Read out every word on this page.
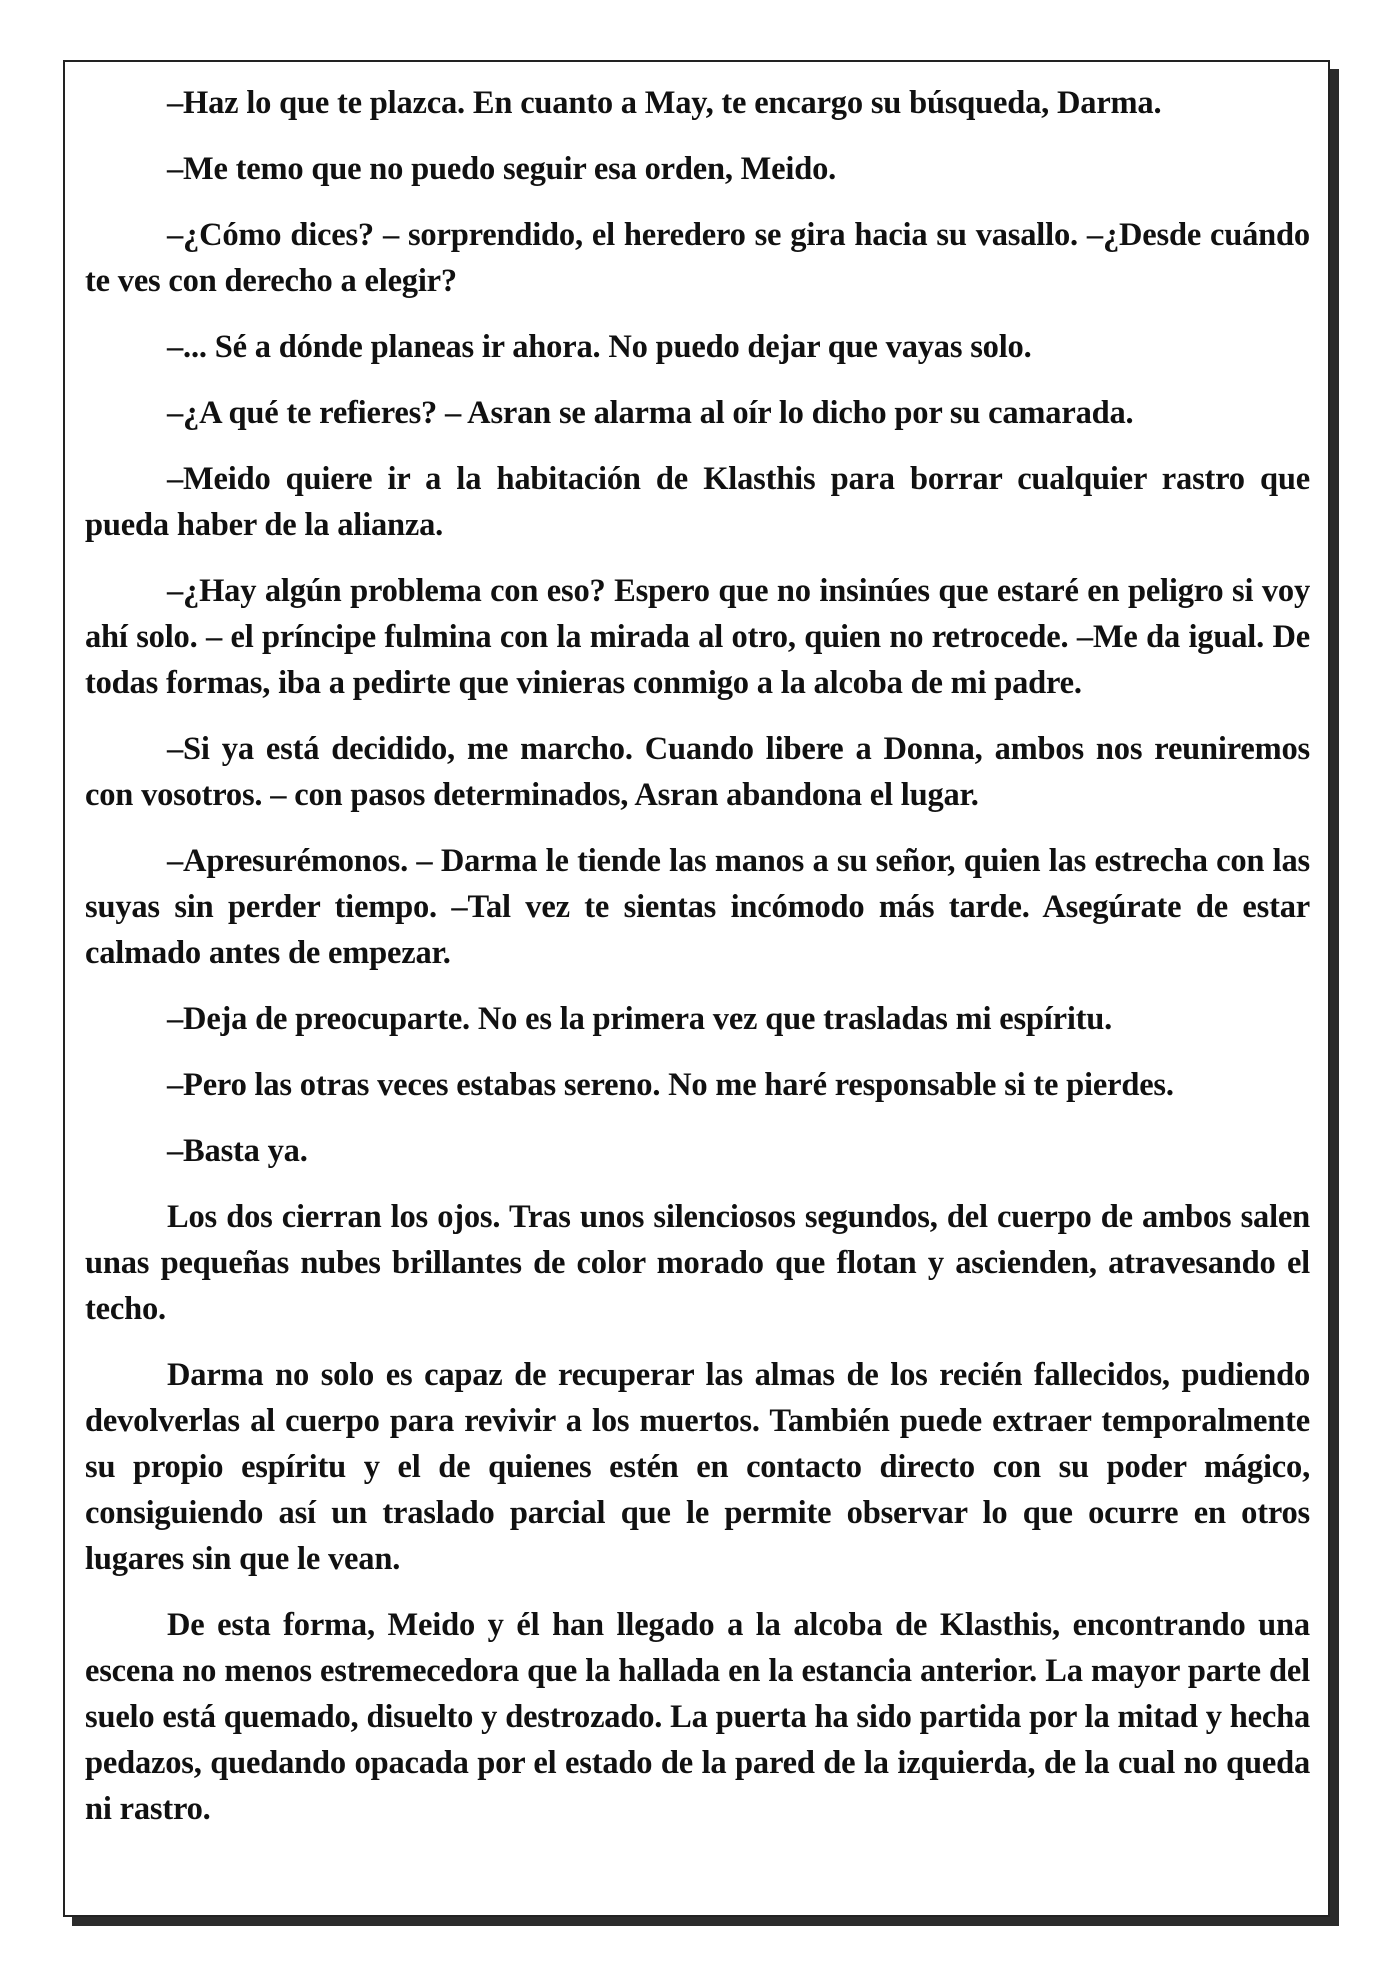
–Haz lo que te plazca. En cuanto a May, te encargo su búsqueda, Darma.

–Me temo que no puedo seguir esa orden, Meido.

–¿Cómo dices? – sorprendido, el heredero se gira hacia su vasallo. –¿Desde cuándo te ves con derecho a elegir?

–... Sé a dónde planeas ir ahora. No puedo dejar que vayas solo.

–¿A qué te refieres? – Asran se alarma al oír lo dicho por su camarada.

–Meido quiere ir a la habitación de Klasthis para borrar cualquier rastro que pueda haber de la alianza.

–¿Hay algún problema con eso? Espero que no insinúes que estaré en peligro si voy ahí solo. – el príncipe fulmina con la mirada al otro, quien no retrocede. –Me da igual. De todas formas, iba a pedirte que vinieras conmigo a la alcoba de mi padre.

–Si ya está decidido, me marcho. Cuando libere a Donna, ambos nos reuniremos con vosotros. – con pasos determinados, Asran abandona el lugar.

–Apresurémonos. – Darma le tiende las manos a su señor, quien las estrecha con las suyas sin perder tiempo. –Tal vez te sientas incómodo más tarde. Asegúrate de estar calmado antes de empezar.

–Deja de preocuparte. No es la primera vez que trasladas mi espíritu.

–Pero las otras veces estabas sereno. No me haré responsable si te pierdes.

–Basta ya.

Los dos cierran los ojos. Tras unos silenciosos segundos, del cuerpo de ambos salen unas pequeñas nubes brillantes de color morado que flotan y ascienden, atravesando el techo.

Darma no solo es capaz de recuperar las almas de los recién fallecidos, pudiendo devolverlas al cuerpo para revivir a los muertos. También puede extraer temporalmente su propio espíritu y el de quienes estén en contacto directo con su poder mágico, consiguiendo así un traslado parcial que le permite observar lo que ocurre en otros lugares sin que le vean.

De esta forma, Meido y él han llegado a la alcoba de Klasthis, encontrando una escena no menos estremecedora que la hallada en la estancia anterior. La mayor parte del suelo está quemado, disuelto y destrozado. La puerta ha sido partida por la mitad y hecha pedazos, quedando opacada por el estado de la pared de la izquierda, de la cual no queda ni rastro.
